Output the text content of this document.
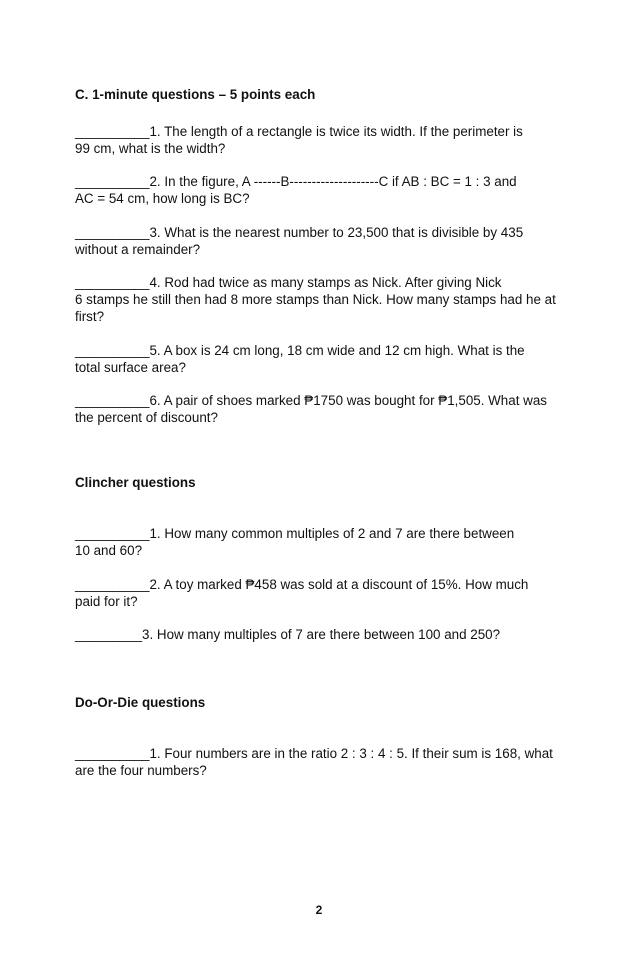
C. 1-minute questions – 5 points each
__________1. The length of a rectangle is twice its width. If the perimeter is
99 cm, what is the width?
__________2. In the figure, A ------B--------------------C if AB : BC = 1 : 3 and
AC = 54 cm, how long is BC?
__________3. What is the nearest number to 23,500 that is divisible by 435
without a remainder?
__________4. Rod had twice as many stamps as Nick. After giving Nick
6 stamps he still then had 8 more stamps than Nick. How many stamps had he at
first?
__________5. A box is 24 cm long, 18 cm wide and 12 cm high. What is the
total surface area?
__________6. A pair of shoes marked ₱1750 was bought for ₱1,505. What was
the percent of discount?
Clincher questions
__________1. How many common multiples of 2 and 7 are there between
10 and 60?
__________2. A toy marked ₱458 was sold at a discount of 15%. How much
paid for it?
_________3. How many multiples of 7 are there between 100 and 250?
Do-Or-Die questions
__________1. Four numbers are in the ratio 2 : 3 : 4 : 5. If their sum is 168, what
are the four numbers?
2
